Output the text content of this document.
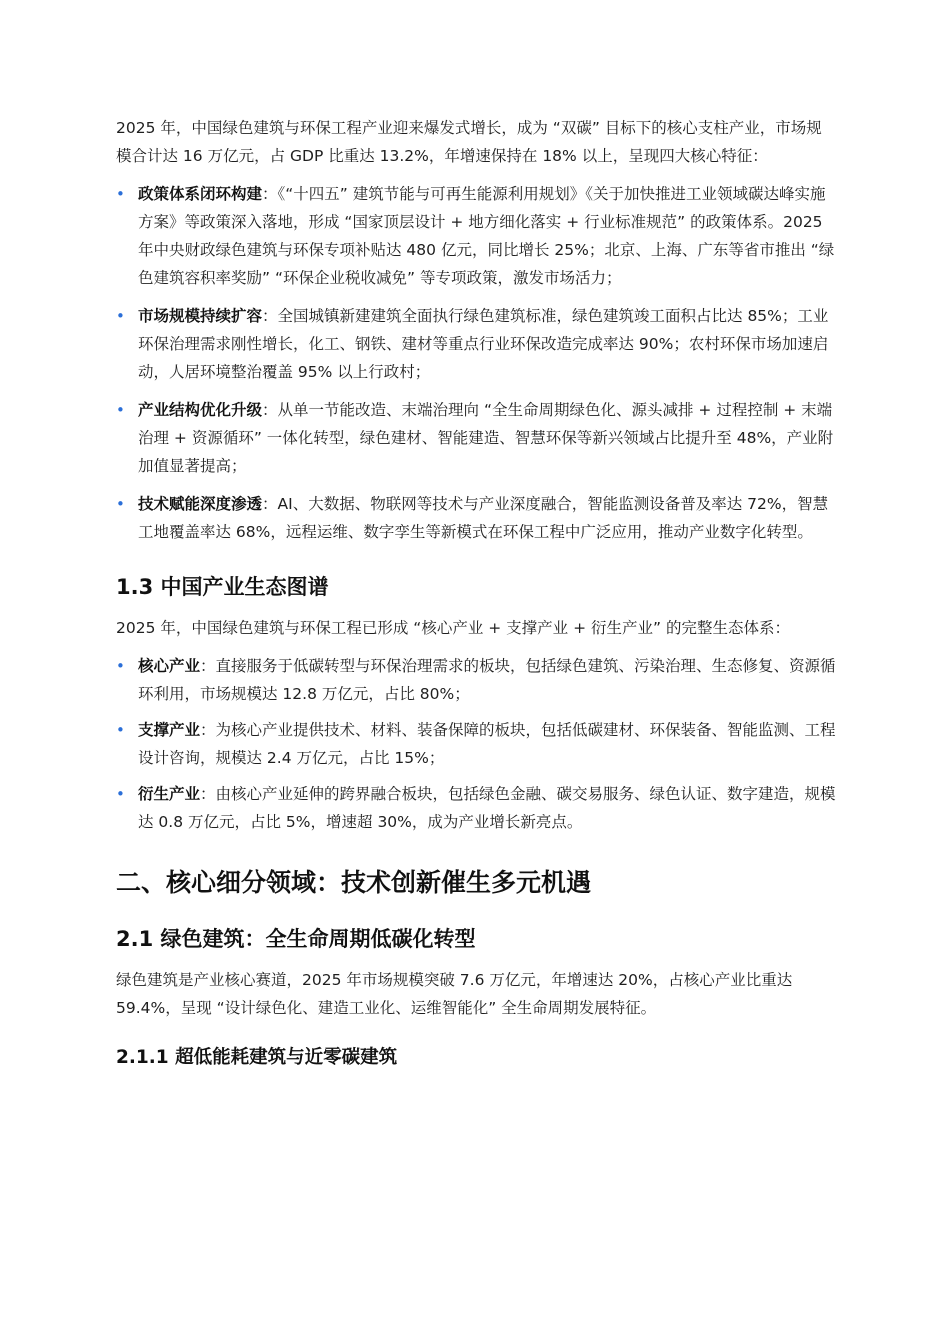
2025 年，中国绿色建筑与环保工程产业迎来爆发式增长，成为 “双碳” 目标下的核心支柱产业，市场规模合计达 16 万亿元，占 GDP 比重达 13.2%，年增速保持在 18% 以上，呈现四大核心特征：

• 政策体系闭环构建：《“十四五” 建筑节能与可再生能源利用规划》《关于加快推进工业领域碳达峰实施方案》等政策深入落地，形成 “国家顶层设计 + 地方细化落实 + 行业标准规范” 的政策体系。2025 年中央财政绿色建筑与环保专项补贴达 480 亿元，同比增长 25%；北京、上海、广东等省市推出 “绿色建筑容积率奖励” “环保企业税收减免” 等专项政策，激发市场活力；
• 市场规模持续扩容：全国城镇新建建筑全面执行绿色建筑标准，绿色建筑竣工面积占比达 85%；工业环保治理需求刚性增长，化工、钢铁、建材等重点行业环保改造完成率达 90%；农村环保市场加速启动，人居环境整治覆盖 95% 以上行政村；
• 产业结构优化升级：从单一节能改造、末端治理向 “全生命周期绿色化、源头减排 + 过程控制 + 末端治理 + 资源循环” 一体化转型，绿色建材、智能建造、智慧环保等新兴领域占比提升至 48%，产业附加值显著提高；
• 技术赋能深度渗透：AI、大数据、物联网等技术与产业深度融合，智能监测设备普及率达 72%，智慧工地覆盖率达 68%，远程运维、数字孪生等新模式在环保工程中广泛应用，推动产业数字化转型。
1.3 中国产业生态图谱

2025 年，中国绿色建筑与环保工程已形成 “核心产业 + 支撑产业 + 衍生产业” 的完整生态体系：

• 核心产业：直接服务于低碳转型与环保治理需求的板块，包括绿色建筑、污染治理、生态修复、资源循环利用，市场规模达 12.8 万亿元，占比 80%；
• 支撑产业：为核心产业提供技术、材料、装备保障的板块，包括低碳建材、环保装备、智能监测、工程设计咨询，规模达 2.4 万亿元，占比 15%；
• 衍生产业：由核心产业延伸的跨界融合板块，包括绿色金融、碳交易服务、绿色认证、数字建造，规模达 0.8 万亿元，占比 5%，增速超 30%，成为产业增长新亮点。
二、核心细分领域：技术创新催生多元机遇
2.1 绿色建筑：全生命周期低碳化转型

绿色建筑是产业核心赛道，2025 年市场规模突破 7.6 万亿元，年增速达 20%，占核心产业比重达 59.4%，呈现 “设计绿色化、建造工业化、运维智能化” 全生命周期发展特征。

2.1.1 超低能耗建筑与近零碳建筑
